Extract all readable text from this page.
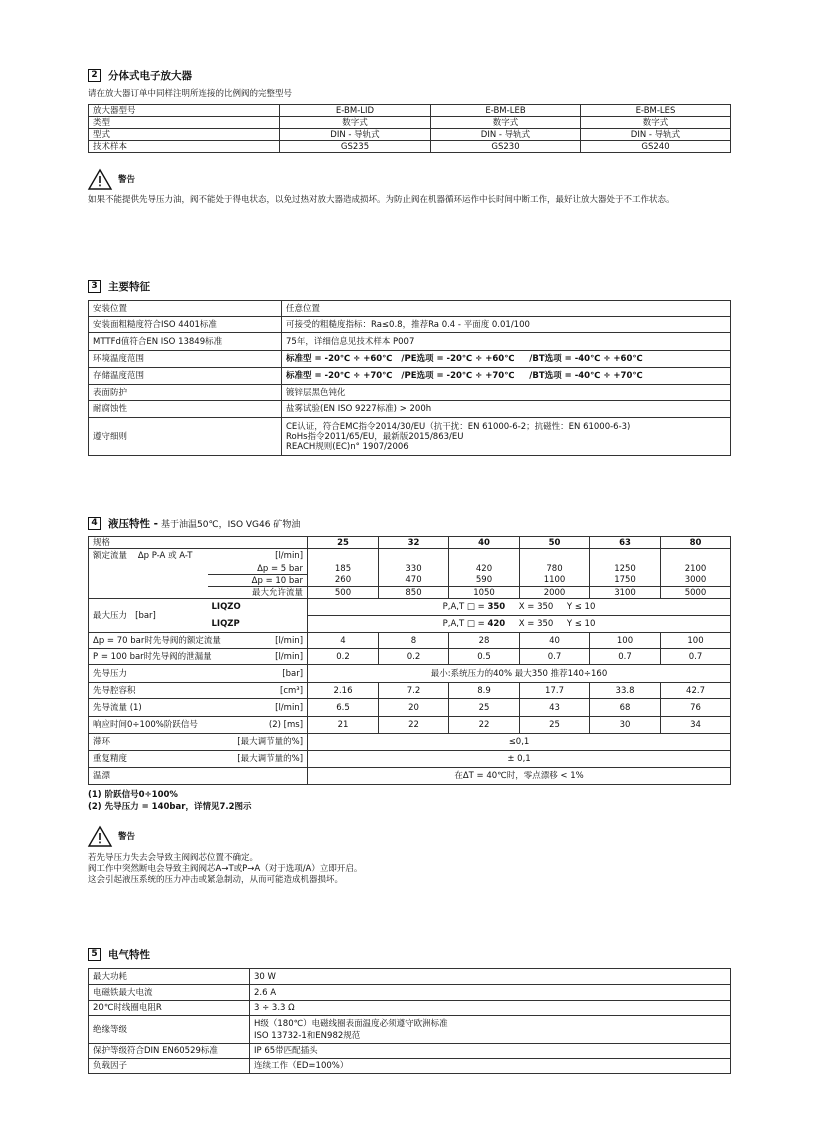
2 分体式电子放大器
请在放大器订单中同样注明所连接的比例阀的完整型号
放大器型号	E-BM-LID	E-BM-LEB	E-BM-LES
类型	数字式	数字式	数字式
型式	DIN - 导轨式	DIN - 导轨式	DIN - 导轨式
技术样本	GS235	GS230	GS240
警告
如果不能提供先导压力油，阀不能处于得电状态，以免过热对放大器造成损坏。为防止阀在机器循环运作中长时间中断工作，最好让放大器处于不工作状态。
3 主要特征
安装位置	任意位置
安装面粗糙度符合ISO 4401标准	可接受的粗糙度指标：Ra≤0.8，推荐Ra 0.4 - 平面度 0.01/100
MTTFd值符合EN ISO 13849标准	75年，详细信息见技术样本 P007
环境温度范围	标准型 = -20℃ ÷ +60℃ /PE选项 = -20℃ ÷ +60℃ /BT选项 = -40℃ ÷ +60℃
存储温度范围	标准型 = -20℃ ÷ +70℃ /PE选项 = -20℃ ÷ +70℃ /BT选项 = -40℃ ÷ +70℃
表面防护	镀锌层黑色钝化
耐腐蚀性	盐雾试验(EN ISO 9227标准) > 200h
遵守细则	CE认证，符合EMC指令2014/30/EU（抗干扰：EN 61000-6-2；抗磁性：EN 61000-6-3)
RoHs指令2011/65/EU，最新版2015/863/EU
REACH规则(EC)n° 1907/2006
4 液压特性 - 基于油温50℃，ISO VG46 矿物油
规格		25	32	40	50	63	80
额定流量 Δp P-A 或 A-T	[l/min]						
	Δp = 5 bar	185	330	420	780	1250	2100
	Δp = 10 bar	260	470	590	1100	1750	3000
	最大允许流量	500	850	1050	2000	3100	5000
最大压力 [bar]	LIQZO	P,A,T □ = 350 X = 350 Y ≤ 10					
	LIQZP	P,A,T □ = 420 X = 350 Y ≤ 10					
Δp = 70 bar时先导阀的额定流量	[l/min]	4	8	28	40	100	100
P = 100 bar时先导阀的泄漏量	[l/min]	0.2	0.2	0.5	0.7	0.7	0.7
先导压力	[bar]	最小:系统压力的40% 最大350 推荐140÷160					
先导腔容积	[cm³]	2.16	7.2	8.9	17.7	33.8	42.7
先导流量 (1)	[l/min]	6.5	20	25	43	68	76
响应时间0÷100%阶跃信号	(2) [ms]	21	22	22	25	30	34
滞环	[最大调节量的%]	≤0,1					
重复精度	[最大调节量的%]	± 0,1					
温漂		在ΔT = 40℃时，零点漂移 < 1%					
(1) 阶跃信号0÷100%
(2) 先导压力 = 140bar，详情见7.2图示
警告
若先导压力失去会导致主阀阀芯位置不确定。
阀工作中突然断电会导致主阀阀芯A→T或P→A（对于选项/A）立即开启。
这会引起液压系统的压力冲击或紧急制动，从而可能造成机器损坏。
5 电气特性
最大功耗	30 W
电磁铁最大电流	2.6 A
20℃时线圈电阻R	3 ÷ 3.3 Ω
绝缘等级	H级（180℃）电磁线圈表面温度必须遵守欧洲标准
ISO 13732-1和EN982规范

保护等级符合DIN EN60529标准	IP 65带匹配插头
负载因子	连续工作（ED=100%）
